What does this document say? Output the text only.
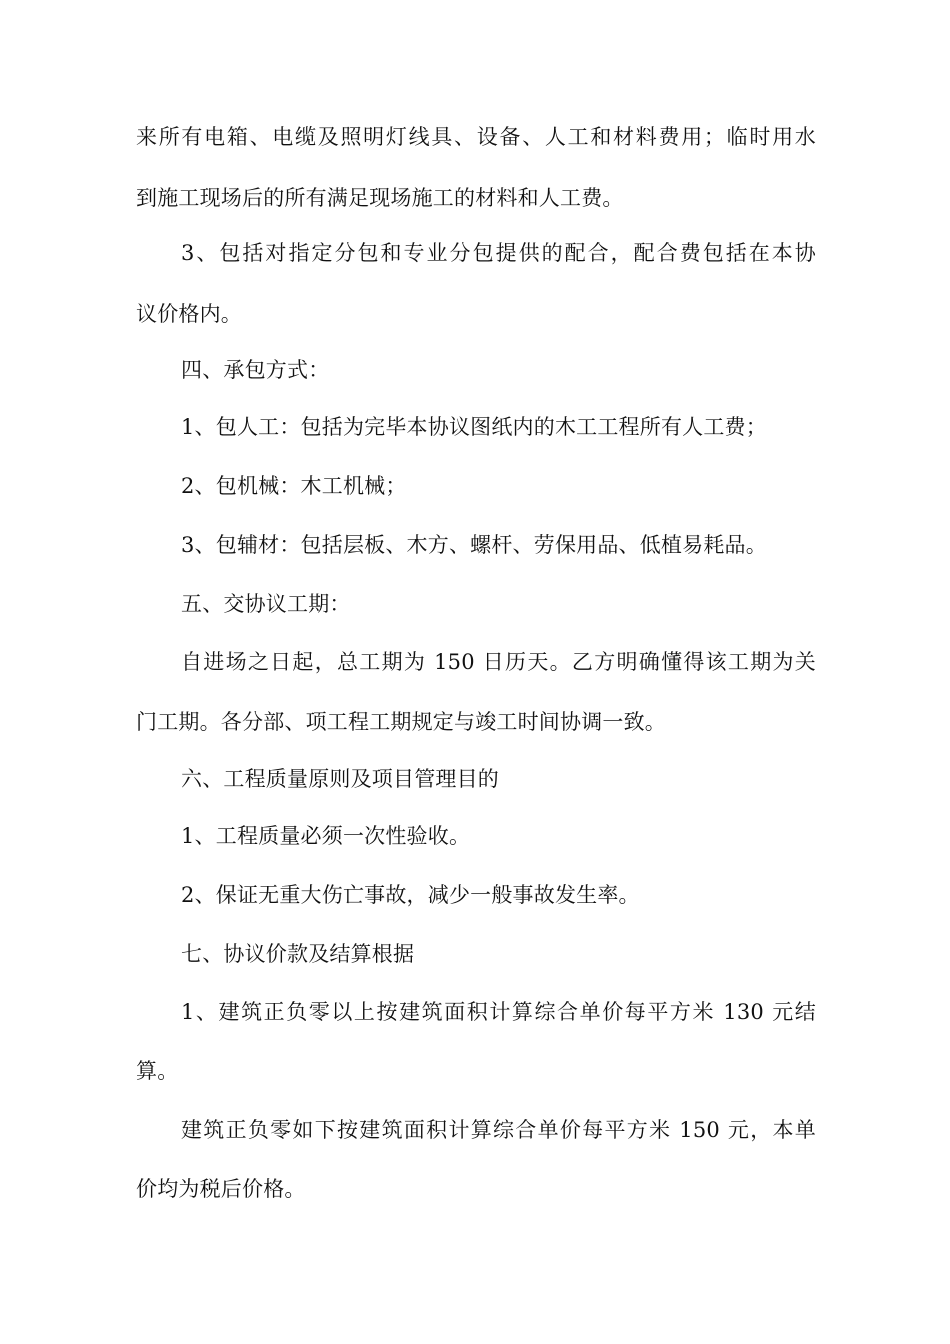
来所有电箱、电缆及照明灯线具、设备、人工和材料费用；临时用水
到施工现场后的所有满足现场施工的材料和人工费。
3、包括对指定分包和专业分包提供的配合，配合费包括在本协
议价格内。
四、承包方式：
1、包人工：包括为完毕本协议图纸内的木工工程所有人工费；
2、包机械：木工机械；
3、包辅材：包括层板、木方、螺杆、劳保用品、低植易耗品。
五、交协议工期：
自进场之日起，总工期为 150 日历天。乙方明确懂得该工期为关
门工期。各分部、项工程工期规定与竣工时间协调一致。
六、工程质量原则及项目管理目的
1、工程质量必须一次性验收。
2、保证无重大伤亡事故，减少一般事故发生率。
七、协议价款及结算根据
1、建筑正负零以上按建筑面积计算综合单价每平方米 130 元结
算。
建筑正负零如下按建筑面积计算综合单价每平方米 150 元，本单
价均为税后价格。
